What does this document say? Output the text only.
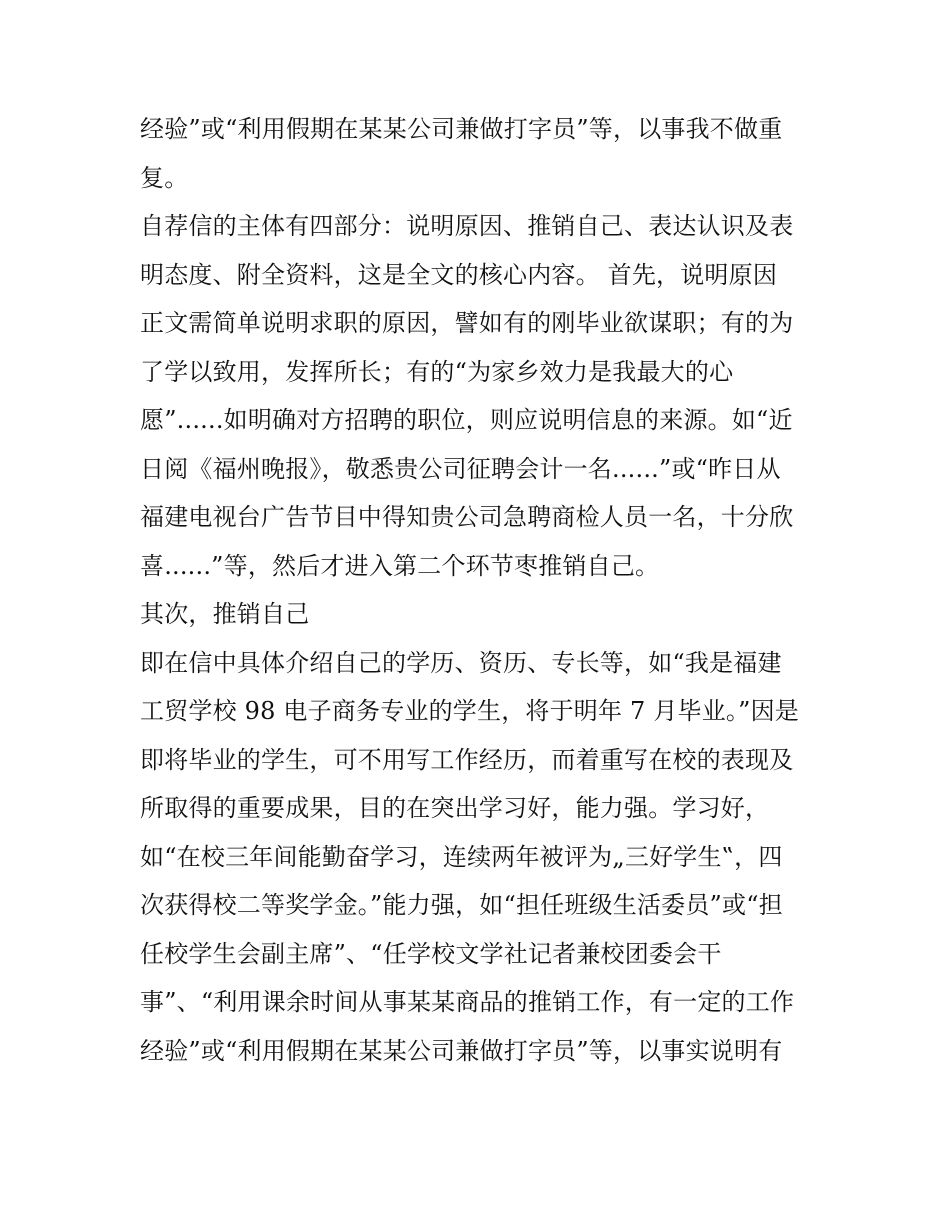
经验”或“利用假期在某某公司兼做打字员”等，以事我不做重
复。
自荐信的主体有四部分：说明原因、推销自己、表达认识及表
明态度、附全资料，这是全文的核心内容。 首先，说明原因
正文需简单说明求职的原因，譬如有的刚毕业欲谋职；有的为
了学以致用，发挥所长；有的“为家乡效力是我最大的心
愿”......如明确对方招聘的职位，则应说明信息的来源。如“近
日阅《福州晚报》，敬悉贵公司征聘会计一名......”或“昨日从
福建电视台广告节目中得知贵公司急聘商检人员一名，十分欣
喜......”等，然后才进入第二个环节枣推销自己。
其次，推销自己
即在信中具体介绍自己的学历、资历、专长等，如“我是福建
工贸学校 98 电子商务专业的学生，将于明年 7 月毕业。”因是
即将毕业的学生，可不用写工作经历，而着重写在校的表现及
所取得的重要成果，目的在突出学习好，能力强。学习好，
如“在校三年间能勤奋学习，连续两年被评为„三好学生‟，四
次获得校二等奖学金。”能力强，如“担任班级生活委员”或“担
任校学生会副主席”、“任学校文学社记者兼校团委会干
事”、“利用课余时间从事某某商品的推销工作，有一定的工作
经验”或“利用假期在某某公司兼做打字员”等，以事实说明有
